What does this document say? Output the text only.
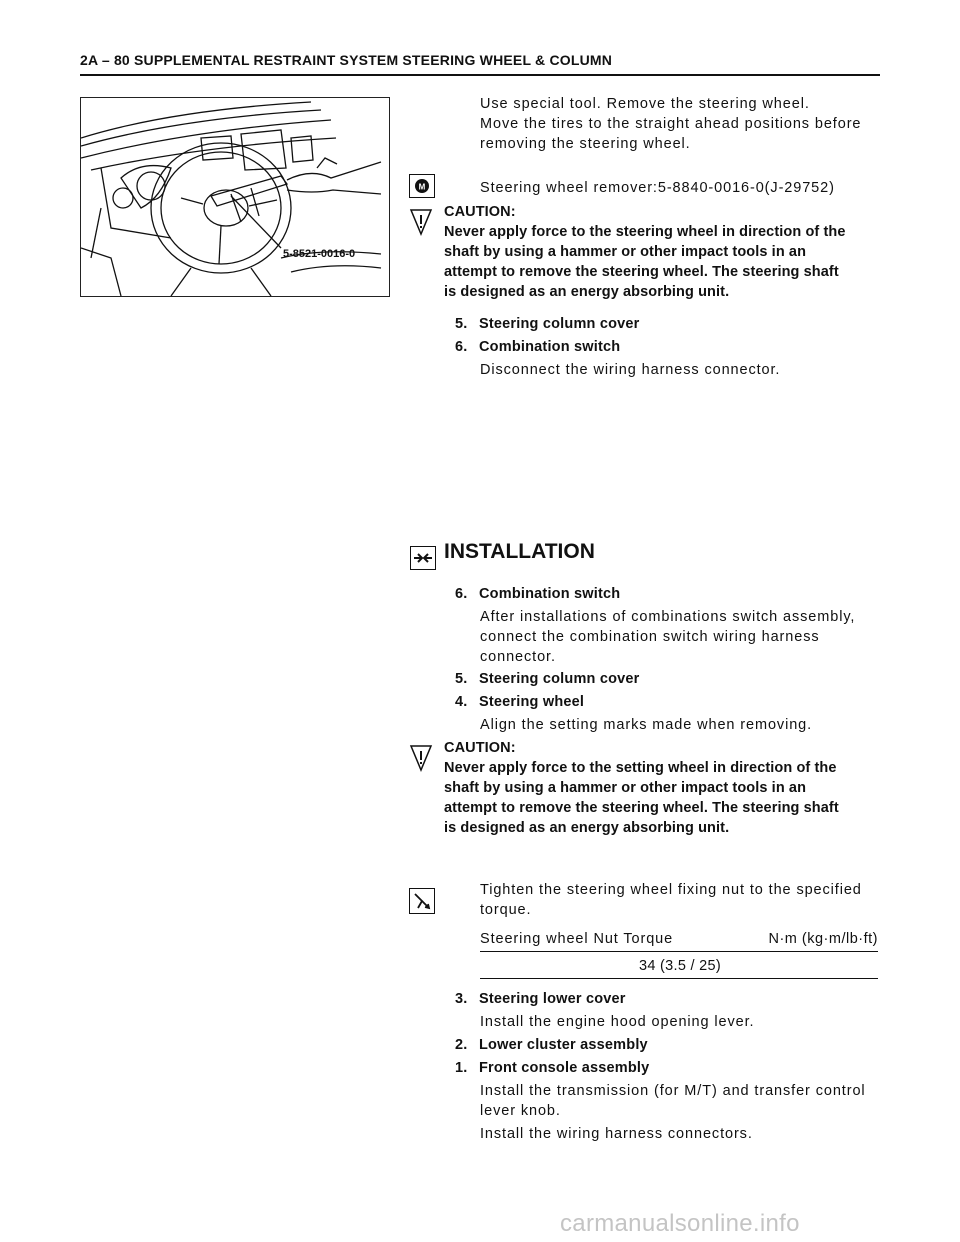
2A – 80 SUPPLEMENTAL RESTRAINT SYSTEM STEERING WHEEL & COLUMN
5-8521-0016-0
Use special tool. Remove the steering wheel.
Move the tires to the straight ahead positions before
removing the steering wheel.
M	Steering wheel remover:5-8840-0016-0(J-29752)
CAUTION:
Never apply force to the steering wheel in direction of the
shaft by using a hammer or other impact tools in an
attempt to remove the steering wheel. The steering shaft
is designed as an energy absorbing unit.
5. Steering column cover
6. Combination switch
Disconnect the wiring harness connector.
INSTALLATION
6. Combination switch
After installations of combinations switch assembly,
connect the combination switch wiring harness
connector.
5. Steering column cover
4. Steering wheel
Align the setting marks made when removing.
CAUTION:
Never apply force to the setting wheel in direction of the
shaft by using a hammer or other impact tools in an
attempt to remove the steering wheel. The steering shaft
is designed as an energy absorbing unit.
Tighten the steering wheel fixing nut to the specified
torque.
Steering wheel Nut Torque	N·m (kg·m/lb·ft)
34 (3.5 / 25)
3. Steering lower cover
Install the engine hood opening lever.
2. Lower cluster assembly
1. Front console assembly
Install the transmission (for M/T) and transfer control
lever knob.
Install the wiring harness connectors.
carmanualsonline.info
